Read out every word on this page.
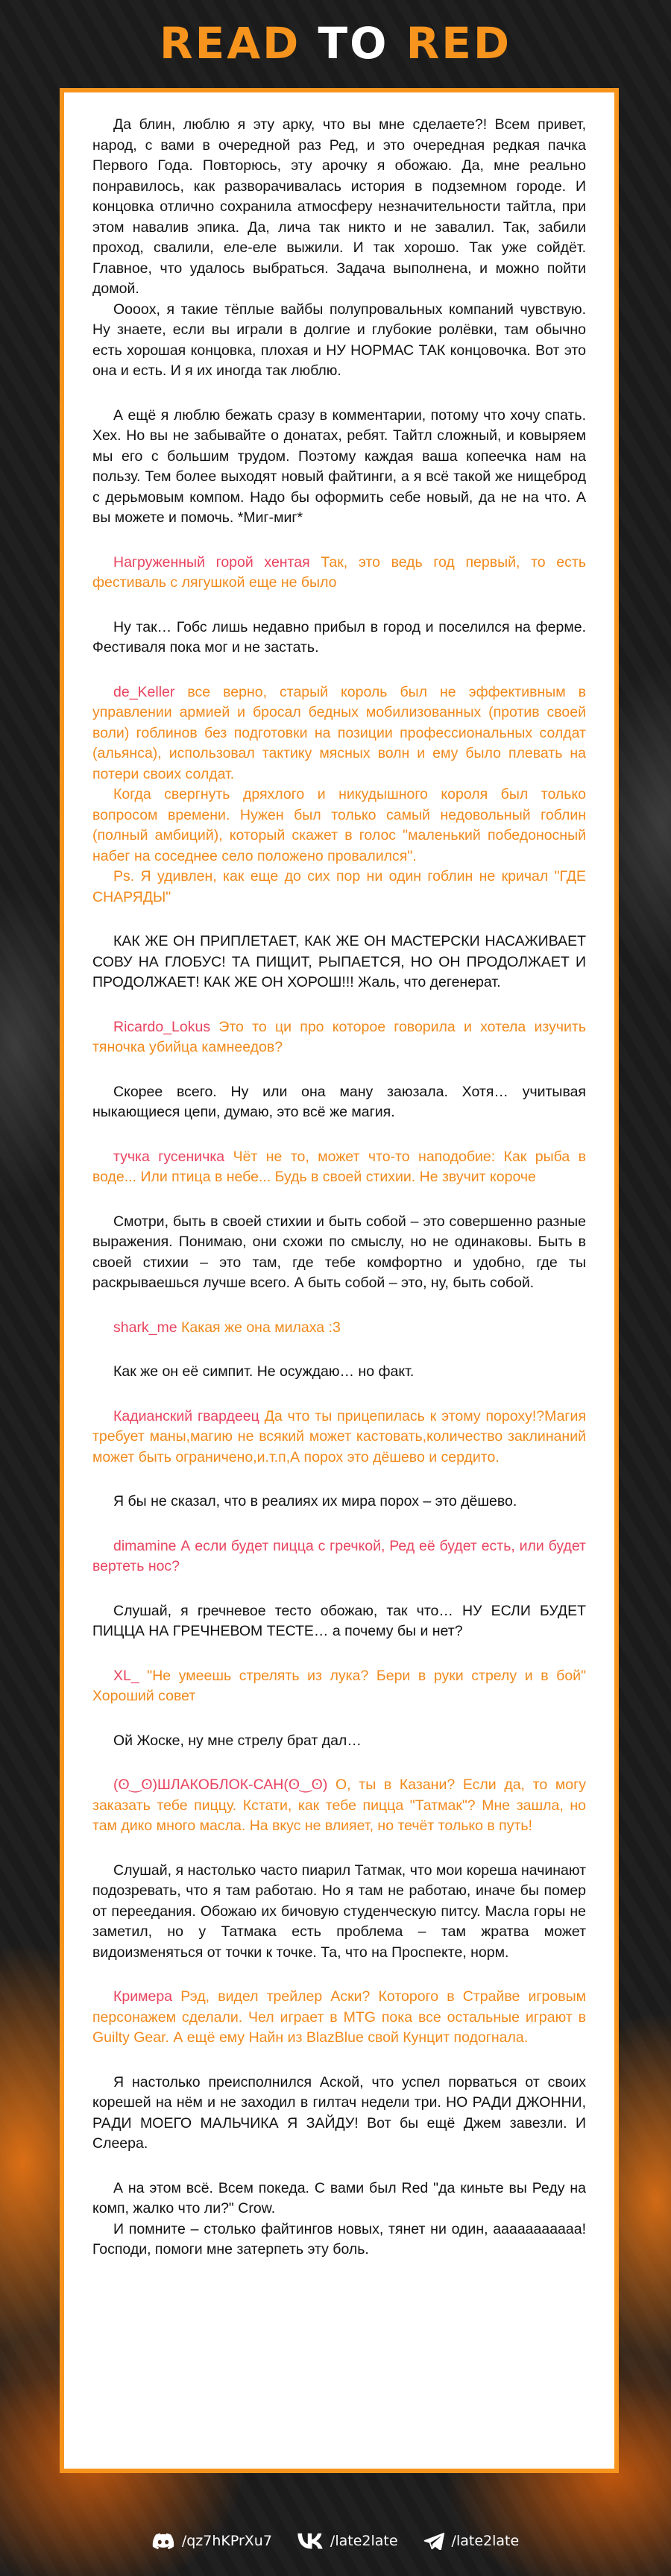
READ TO RED

Да блин, люблю я эту арку, что вы мне сделаете?! Всем привет, народ, с вами в очередной раз Ред, и это очередная редкая пачка Первого Года. Повторюсь, эту арочку я обожаю. Да, мне реально понравилось, как разворачивалась история в подземном городе. И концовка отлично сохранила атмосферу незначительности тайтла, при этом навалив эпика. Да, лича так никто и не завалил. Так, забили проход, свалили, еле-еле выжили. И так хорошо. Так уже сойдёт. Главное, что удалось выбраться. Задача выполнена, и можно пойти домой.

Ооооx, я такие тёплые вайбы полупровальных компаний чувствую. Ну знаете, если вы играли в долгие и глубокие ролёвки, там обычно есть хорошая концовка, плохая и НУ НОРМАС ТАК концовочка. Вот это она и есть. И я их иногда так люблю.

А ещё я люблю бежать сразу в комментарии, потому что хочу спать. Хех. Но вы не забывайте о донатах, ребят. Тайтл сложный, и ковыряем мы его с большим трудом. Поэтому каждая ваша копеечка нам на пользу. Тем более выходят новый файтинги, а я всё такой же нищеброд с дерьмовым компом. Надо бы оформить себе новый, да не на что. А вы можете и помочь. *Миг-миг*

Нагруженный горой хентая Так, это ведь год первый, то есть фестиваль с лягушкой еще не было

Ну так… Гобс лишь недавно прибыл в город и поселился на ферме. Фестиваля пока мог и не застать.

de_Keller все верно, старый король был не эффективным в управлении армией и бросал бедных мобилизованных (против своей воли) гоблинов без подготовки на позиции профессиональных солдат (альянса), использовал тактику мясных волн и ему было плевать на потери своих солдат.

Когда свергнуть дряхлого и никудышного короля был только вопросом времени. Нужен был только самый недовольный гоблин (полный амбиций), который скажет в голос "маленький победоносный набег на соседнее село положено провалился".

Ps. Я удивлен, как еще до сих пор ни один гоблин не кричал "ГДЕ СНАРЯДЫ"

КАК ЖЕ ОН ПРИПЛЕТАЕТ, КАК ЖЕ ОН МАСТЕРСКИ НАСАЖИВАЕТ СОВУ НА ГЛОБУС! ТА ПИЩИТ, РЫПАЕТСЯ, НО ОН ПРОДОЛЖАЕТ И ПРОДОЛЖАЕТ! КАК ЖЕ ОН ХОРОШ!!! Жаль, что дегенерат.

Ricardo_Lokus Это то ци про которое говорила и хотела изучить тяночка убийца камнеедов?

Скорее всего. Ну или она ману заюзала. Хотя… учитывая ныкающиеся цепи, думаю, это всё же магия.

тучка гусеничка Чёт не то, может что-то наподобие: Как рыба в воде... Или птица в небе... Будь в своей стихии. Не звучит короче

Смотри, быть в своей стихии и быть собой – это совершенно разные выражения. Понимаю, они схожи по смыслу, но не одинаковы. Быть в своей стихии – это там, где тебе комфортно и удобно, где ты раскрываешься лучше всего. А быть собой – это, ну, быть собой.

shark_me Какая же она милаха :3

Как же он её симпит. Не осуждаю… но факт.

Кадианский гвардеец Да что ты прицепилась к этому пороху!?Магия требует маны,магию не всякий может кастовать,количество заклинаний может быть ограничено,и.т.п,А порох это дёшево и сердито.

Я бы не сказал, что в реалиях их мира порох – это дёшево.

dimamine А если будет пицца с гречкой, Ред её будет есть, или будет вертеть нос?

Слушай, я гречневое тесто обожаю, так что… НУ ЕСЛИ БУДЕТ ПИЦЦА НА ГРЕЧНЕВОМ ТЕСТЕ… а почему бы и нет?

XL_ "Не умеешь стрелять из лука? Бери в руки стрелу и в бой" Хороший совет

Ой Жоске, ну мне стрелу брат дал…

(ʘ‿ʘ)ШЛАКОБЛОК-САН(ʘ‿ʘ) О, ты в Казани? Если да, то могу заказать тебе пиццу. Кстати, как тебе пицца "Татмак"? Мне зашла, но там дико много масла. На вкус не влияет, но течёт только в путь!

Слушай, я настолько часто пиарил Татмак, что мои кореша начинают подозревать, что я там работаю. Но я там не работаю, иначе бы помер от переедания. Обожаю их бичовую студенческую питсу. Масла горы не заметил, но у Татмака есть проблема – там жратва может видоизменяться от точки к точке. Та, что на Проспекте, норм.

Кримера Рэд, видел трейлер Аски? Которого в Страйве игровым персонажем сделали. Чел играет в MTG пока все остальные играют в Guilty Gear. А ещё ему Найн из BlazBlue свой Кунцит подогнала.

Я настолько преисполнился Аской, что успел порваться от своих корешей на нём и не заходил в гилтач недели три. НО РАДИ ДЖОННИ, РАДИ МОЕГО МАЛЬЧИКА Я ЗАЙДУ! Вот бы ещё Джем завезли. И Слеера.

А на этом всё. Всем покеда. С вами был Red "да киньте вы Реду на комп, жалко что ли?" Crow.

И помните – столько файтингов новых, тянет ни один, ааааааааааа! Господи, помоги мне затерпеть эту боль.

/qz7hKPrXu7	/late2late	/late2late
